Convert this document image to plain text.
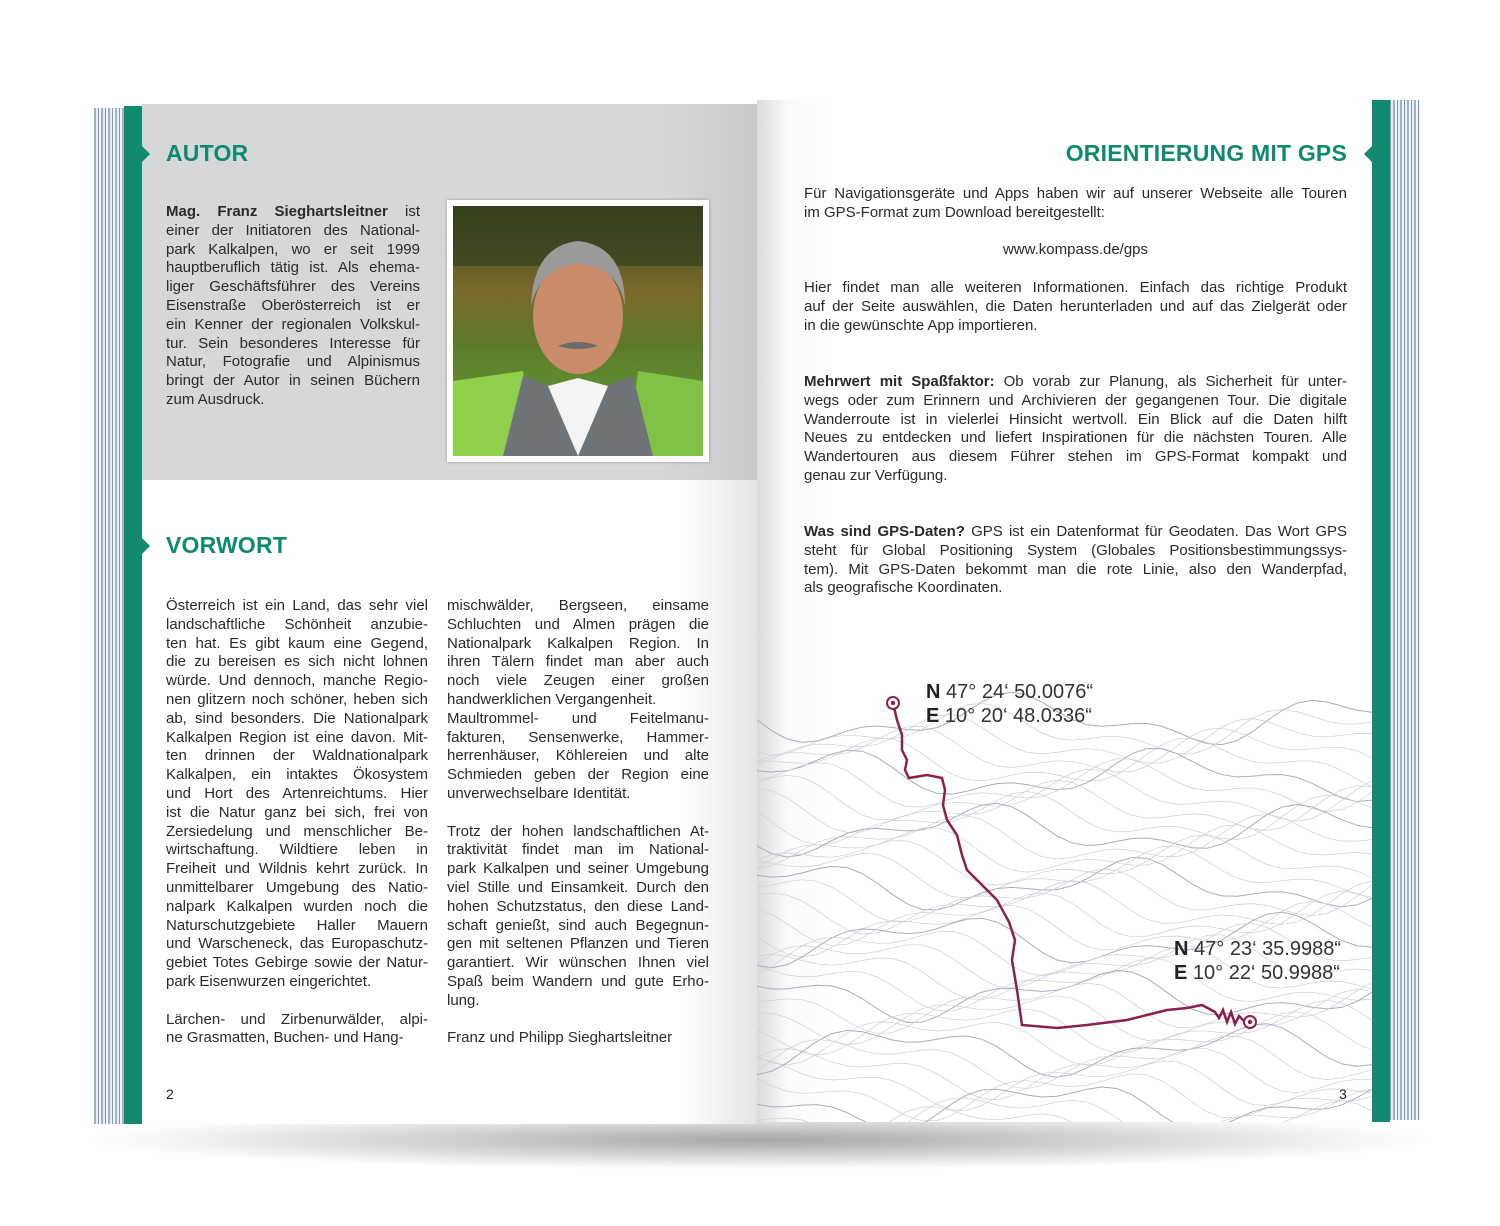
AUTOR
Mag. Franz Sieghartsleitner ist
einer der Initiatoren des National-
park Kalkalpen, wo er seit 1999
hauptberuflich tätig ist. Als ehema-
liger Geschäftsführer des Vereins
Eisenstraße Oberösterreich ist er
ein Kenner der regionalen Volkskul-
tur. Sein besonderes Interesse für
Natur, Fotografie und Alpinismus
bringt der Autor in seinen Büchern
zum Ausdruck.
VORWORT
Österreich ist ein Land, das sehr viel
landschaftliche Schönheit anzubie-
ten hat. Es gibt kaum eine Gegend,
die zu bereisen es sich nicht lohnen
würde. Und dennoch, manche Regio-
nen glitzern noch schöner, heben sich
ab, sind besonders. Die Nationalpark
Kalkalpen Region ist eine davon. Mit-
ten drinnen der Waldnationalpark
Kalkalpen, ein intaktes Ökosystem
und Hort des Artenreichtums. Hier
ist die Natur ganz bei sich, frei von
Zersiedelung und menschlicher Be-
wirtschaftung. Wildtiere leben in
Freiheit und Wildnis kehrt zurück. In
unmittelbarer Umgebung des Natio-
nalpark Kalkalpen wurden noch die
Naturschutzgebiete Haller Mauern
und Warscheneck, das Europaschutz-
gebiet Totes Gebirge sowie der Natur-
park Eisenwurzen eingerichtet.
Lärchen- und Zirbenurwälder, alpi-
ne Grasmatten, Buchen- und Hang-
mischwälder, Bergseen, einsame
Schluchten und Almen prägen die
Nationalpark Kalkalpen Region. In
ihren Tälern findet man aber auch
noch viele Zeugen einer großen
handwerklichen Vergangenheit.
Maultrommel- und Feitelmanu-
fakturen, Sensenwerke, Hammer-
herrenhäuser, Köhlereien und alte
Schmieden geben der Region eine
unverwechselbare Identität.
Trotz der hohen landschaftlichen At-
traktivität findet man im National-
park Kalkalpen und seiner Umgebung
viel Stille und Einsamkeit. Durch den
hohen Schutzstatus, den diese Land-
schaft genießt, sind auch Begegnun-
gen mit seltenen Pflanzen und Tieren
garantiert. Wir wünschen Ihnen viel
Spaß beim Wandern und gute Erho-
lung.
Franz und Philipp Sieghartsleitner
2
ORIENTIERUNG MIT GPS
Für Navigationsgeräte und Apps haben wir auf unserer Webseite alle Touren
im GPS-Format zum Download bereitgestellt:
www.kompass.de/gps
Hier findet man alle weiteren Informationen. Einfach das richtige Produkt
auf der Seite auswählen, die Daten herunterladen und auf das Zielgerät oder
in die gewünschte App importieren.
Mehrwert mit Spaßfaktor: Ob vorab zur Planung, als Sicherheit für unter-
wegs oder zum Erinnern und Archivieren der gegangenen Tour. Die digitale
Wanderroute ist in vielerlei Hinsicht wertvoll. Ein Blick auf die Daten hilft
Neues zu entdecken und liefert Inspirationen für die nächsten Touren. Alle
Wandertouren aus diesem Führer stehen im GPS-Format kompakt und
genau zur Verfügung.
Was sind GPS-Daten? GPS ist ein Datenformat für Geodaten. Das Wort GPS
steht für Global Positioning System (Globales Positionsbestimmungssys-
tem). Mit GPS-Daten bekommt man die rote Linie, also den Wanderpfad,
als geografische Koordinaten.
N 47° 24‘ 50.0076“
E 10° 20‘ 48.0336“
N 47° 23‘ 35.9988“
E 10° 22‘ 50.9988“
3
